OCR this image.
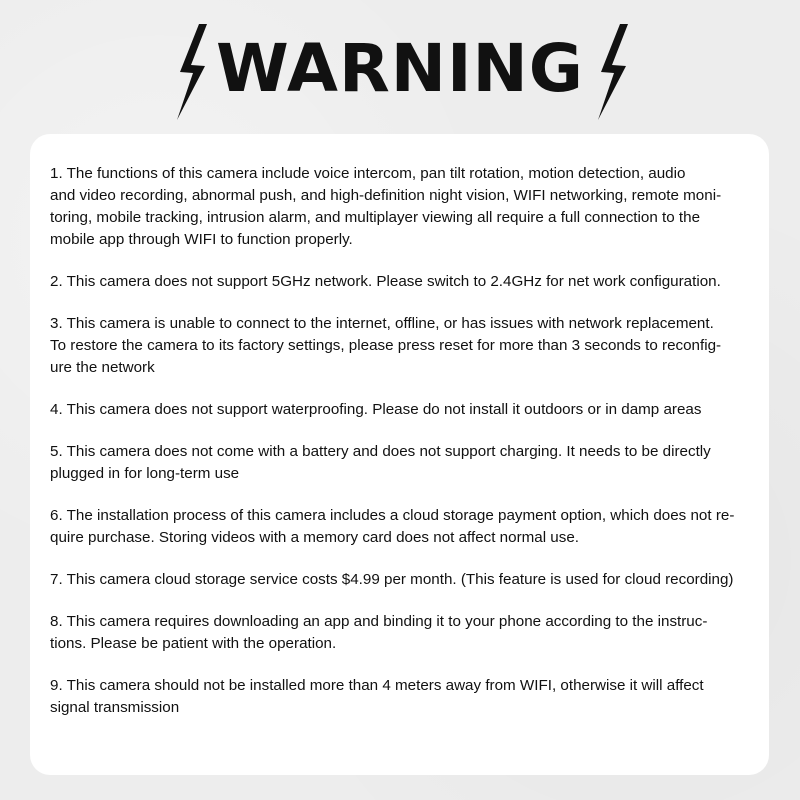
WARNING
1. The functions of this camera include voice intercom, pan tilt rotation, motion detection, audio
and video recording, abnormal push, and high-definition night vision, WIFI networking, remote moni-
toring, mobile tracking, intrusion alarm, and multiplayer viewing all require a full connection to the
mobile app through WIFI to function properly.
2. This camera does not support 5GHz network. Please switch to 2.4GHz for net work configuration.
3. This camera is unable to connect to the internet, offline, or has issues with network replacement.
To restore the camera to its factory settings, please press reset for more than 3 seconds to reconfig-
ure the network
4. This camera does not support waterproofing. Please do not install it outdoors or in damp areas
5. This camera does not come with a battery and does not support charging. It needs to be directly
plugged in for long-term use
6. The installation process of this camera includes a cloud storage payment option, which does not re-
quire purchase. Storing videos with a memory card does not affect normal use.
7. This camera cloud storage service costs $4.99 per month. (This feature is used for cloud recording)
8. This camera requires downloading an app and binding it to your phone according to the instruc-
tions. Please be patient with the operation.
9. This camera should not be installed more than 4 meters away from WIFI, otherwise it will affect
signal transmission
